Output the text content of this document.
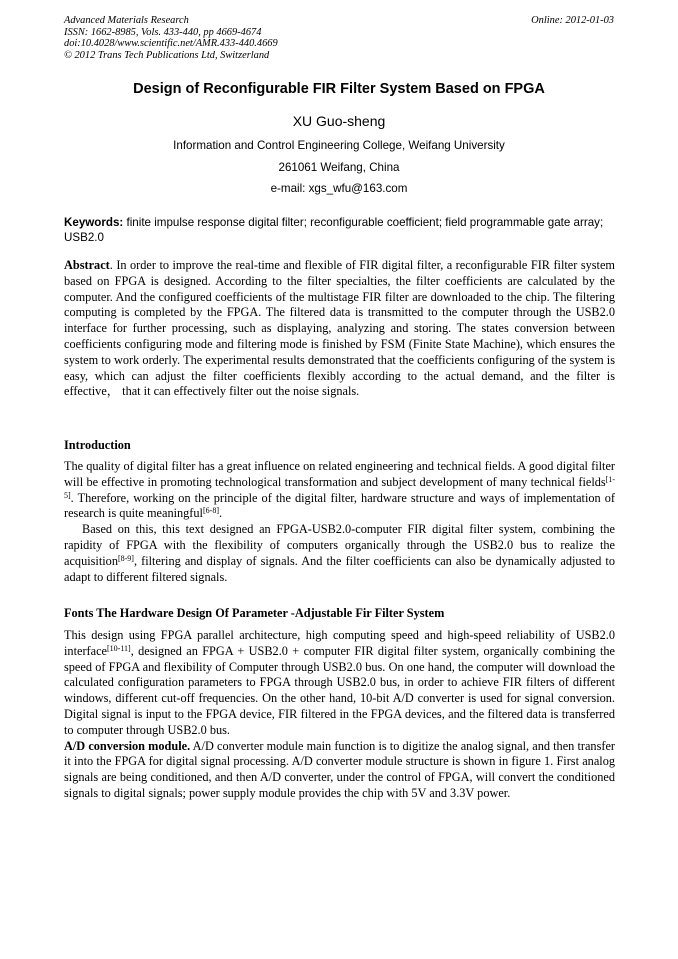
Advanced Materials Research
ISSN: 1662-8985, Vols. 433-440, pp 4669-4674
doi:10.4028/www.scientific.net/AMR.433-440.4669
© 2012 Trans Tech Publications Ltd, Switzerland
Online: 2012-01-03
Design of Reconfigurable FIR Filter System Based on FPGA
XU Guo-sheng
Information and Control Engineering College, Weifang University
261061 Weifang, China
e-mail: xgs_wfu@163.com
Keywords: finite impulse response digital filter; reconfigurable coefficient; field programmable gate array; USB2.0

Abstract. In order to improve the real-time and flexible of FIR digital filter, a reconfigurable FIR filter system based on FPGA is designed. According to the filter specialties, the filter coefficients are calculated by the computer. And the configured coefficients of the multistage FIR filter are downloaded to the chip. The filtering computing is completed by the FPGA. The filtered data is transmitted to the computer through the USB2.0 interface for further processing, such as displaying, analyzing and storing. The states conversion between coefficients configuring mode and filtering mode is finished by FSM (Finite State Machine), which ensures the system to work orderly. The experimental results demonstrated that the coefficients configuring of the system is easy, which can adjust the filter coefficients flexibly according to the actual demand, and the filter is effective， that it can effectively filter out the noise signals.

Introduction

The quality of digital filter has a great influence on related engineering and technical fields. A good digital filter will be effective in promoting technological transformation and subject development of many technical fields[1-5]. Therefore, working on the principle of the digital filter, hardware structure and ways of implementation of research is quite meaningful[6-8].

Based on this, this text designed an FPGA-USB2.0-computer FIR digital filter system, combining the rapidity of FPGA with the flexibility of computers organically through the USB2.0 bus to realize the acquisition[8-9], filtering and display of signals. And the filter coefficients can also be dynamically adjusted to adapt to different filtered signals.

Fonts The Hardware Design Of Parameter -Adjustable Fir Filter System

This design using FPGA parallel architecture, high computing speed and high-speed reliability of USB2.0 interface[10-11], designed an FPGA + USB2.0 + computer FIR digital filter system, organically combining the speed of FPGA and flexibility of Computer through USB2.0 bus. On one hand, the computer will download the calculated configuration parameters to FPGA through USB2.0 bus, in order to achieve FIR filters of different windows, different cut-off frequencies. On the other hand, 10-bit A/D converter is used for signal conversion. Digital signal is input to the FPGA device, FIR filtered in the FPGA devices, and the filtered data is transferred to computer through USB2.0 bus.

A/D conversion module. A/D converter module main function is to digitize the analog signal, and then transfer it into the FPGA for digital signal processing. A/D converter module structure is shown in figure 1. First analog signals are being conditioned, and then A/D converter, under the control of FPGA, will convert the conditioned signals to digital signals; power supply module provides the chip with 5V and 3.3V power.
